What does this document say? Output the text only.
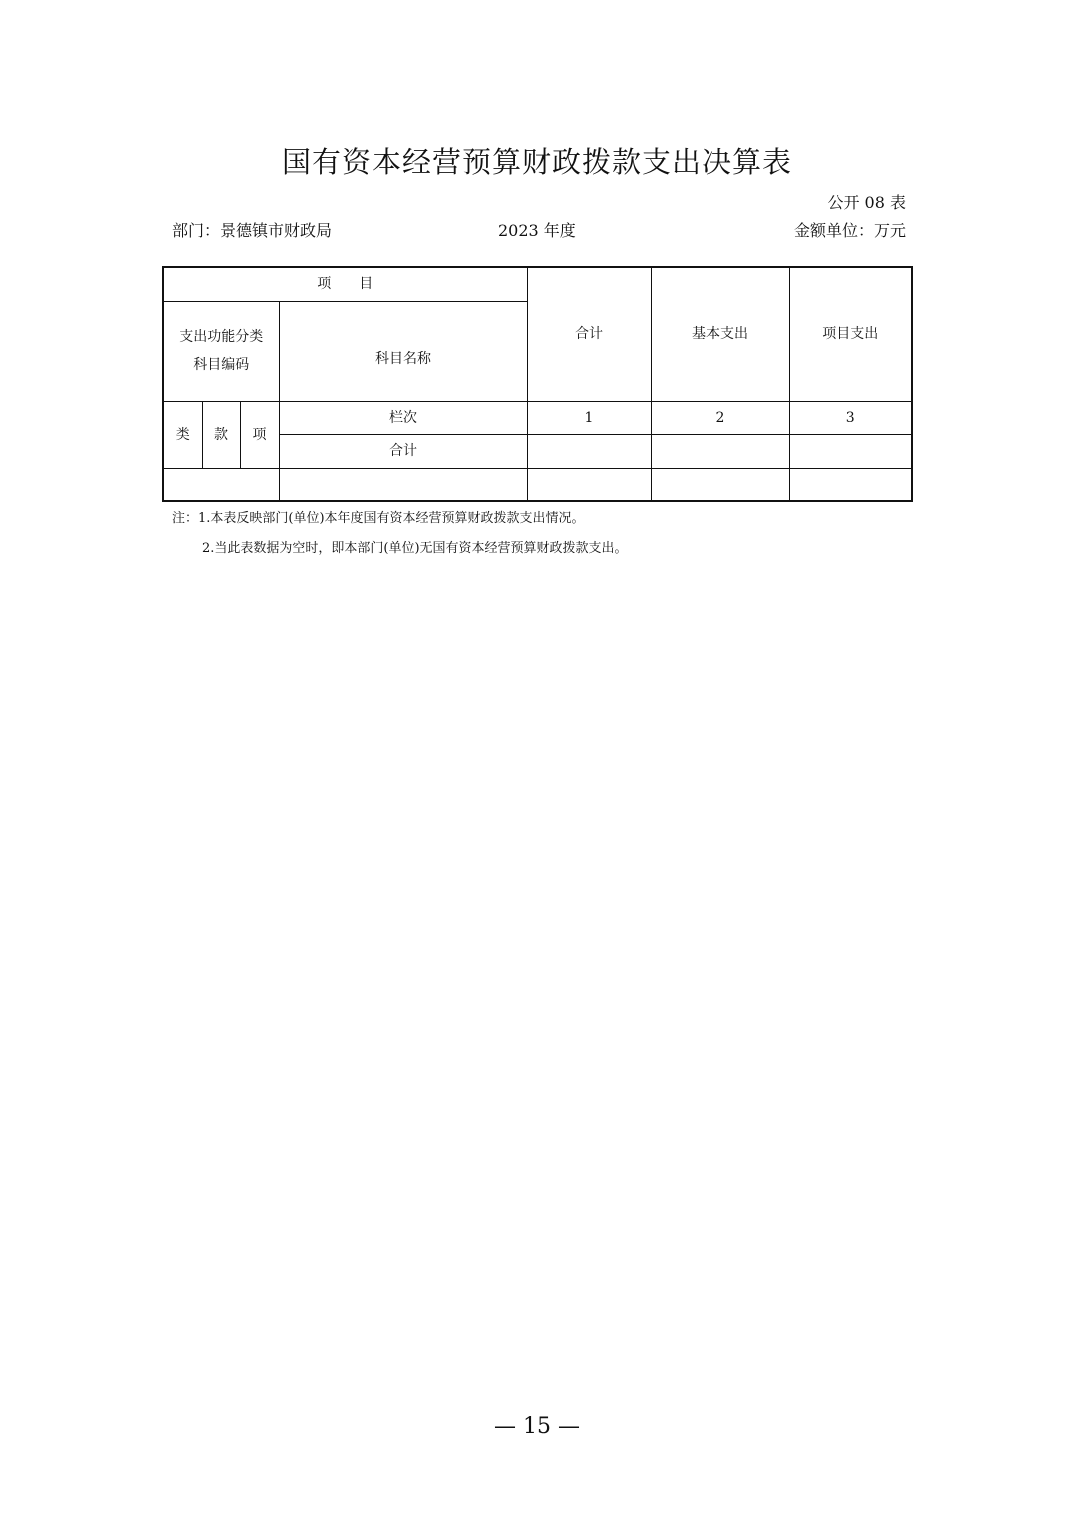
国有资本经营预算财政拨款支出决算表
公开 08 表
部门：景德镇市财政局	2023 年度	金额单位：万元
项　　目				合计	基本支出	项目支出

支出功能分类
科目编码			科目名称			
类	款	项	栏次	1	2	3
			合计			

注：1.本表反映部门(单位)本年度国有资本经营预算财政拨款支出情况。

2.当此表数据为空时，即本部门(单位)无国有资本经营预算财政拨款支出。

— 15 —
